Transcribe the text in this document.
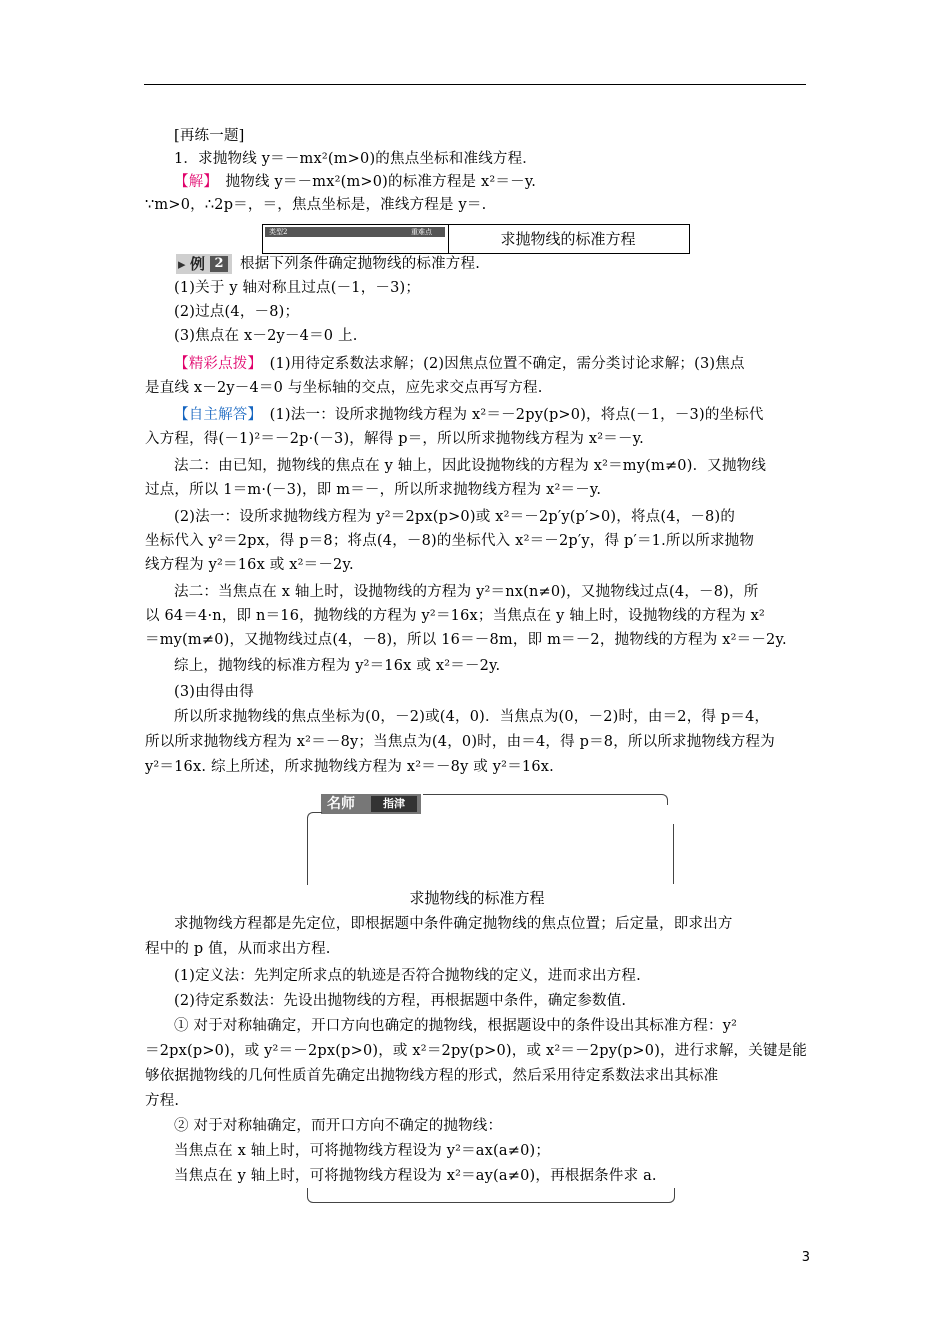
[再练一题]
1．求抛物线 y＝－mx²(m>0)的焦点坐标和准线方程．
【解】　抛物线 y＝－mx²(m>0)的标准方程是 x²＝－y.
∵m>0，∴2p＝，＝，焦点坐标是，准线方程是 y＝.
类型2	重难点	求抛物线的标准方程
▸ 例 2	根据下列条件确定抛物线的标准方程.
(1)关于 y 轴对称且过点(－1，－3)；
(2)过点(4，－8)；
(3)焦点在 x－2y－4＝0 上.
【精彩点拨】　(1)用待定系数法求解；(2)因焦点位置不确定，需分类讨论求解；(3)焦点
是直线 x－2y－4＝0 与坐标轴的交点，应先求交点再写方程.
【自主解答】　(1)法一：设所求抛物线方程为 x²＝－2py(p>0)，将点(－1，－3)的坐标代
入方程，得(－1)²＝－2p·(－3)，解得 p＝，所以所求抛物线方程为 x²＝－y.
法二：由已知，抛物线的焦点在 y 轴上，因此设抛物线的方程为 x²＝my(m≠0)．又抛物线
过点，所以 1＝m·(－3)，即 m＝－，所以所求抛物线方程为 x²＝－y.
(2)法一：设所求抛物线方程为 y²＝2px(p>0)或 x²＝－2p′y(p′>0)，将点(4，－8)的
坐标代入 y²＝2px，得 p＝8；将点(4，－8)的坐标代入 x²＝－2p′y，得 p′＝1.所以所求抛物
线方程为 y²＝16x 或 x²＝－2y.
法二：当焦点在 x 轴上时，设抛物线的方程为 y²＝nx(n≠0)，又抛物线过点(4，－8)，所
以 64＝4·n，即 n＝16，抛物线的方程为 y²＝16x；当焦点在 y 轴上时，设抛物线的方程为 x²
＝my(m≠0)，又抛物线过点(4，－8)，所以 16＝－8m，即 m＝－2，抛物线的方程为 x²＝－2y.
综上，抛物线的标准方程为 y²＝16x 或 x²＝－2y.
(3)由得由得
所以所求抛物线的焦点坐标为(0，－2)或(4，0)．当焦点为(0，－2)时，由＝2，得 p＝4，
所以所求抛物线方程为 x²＝－8y；当焦点为(4，0)时，由＝4，得 p＝8，所以所求抛物线方程为
y²＝16x. 综上所述，所求抛物线方程为 x²＝－8y 或 y²＝16x.
名师	指津
求抛物线的标准方程
求抛物线方程都是先定位，即根据题中条件确定抛物线的焦点位置；后定量，即求出方
程中的 p 值，从而求出方程.
(1)定义法：先判定所求点的轨迹是否符合抛物线的定义，进而求出方程.
(2)待定系数法：先设出抛物线的方程，再根据题中条件，确定参数值.
① 对于对称轴确定，开口方向也确定的抛物线，根据题设中的条件设出其标准方程：y²
＝2px(p>0)，或 y²＝－2px(p>0)，或 x²＝2py(p>0)，或 x²＝－2py(p>0)，进行求解，关键是能
够依据抛物线的几何性质首先确定出抛物线方程的形式，然后采用待定系数法求出其标准
方程.
② 对于对称轴确定，而开口方向不确定的抛物线：
当焦点在 x 轴上时，可将抛物线方程设为 y²＝ax(a≠0)；
当焦点在 y 轴上时，可将抛物线方程设为 x²＝ay(a≠0)，再根据条件求 a.
3
